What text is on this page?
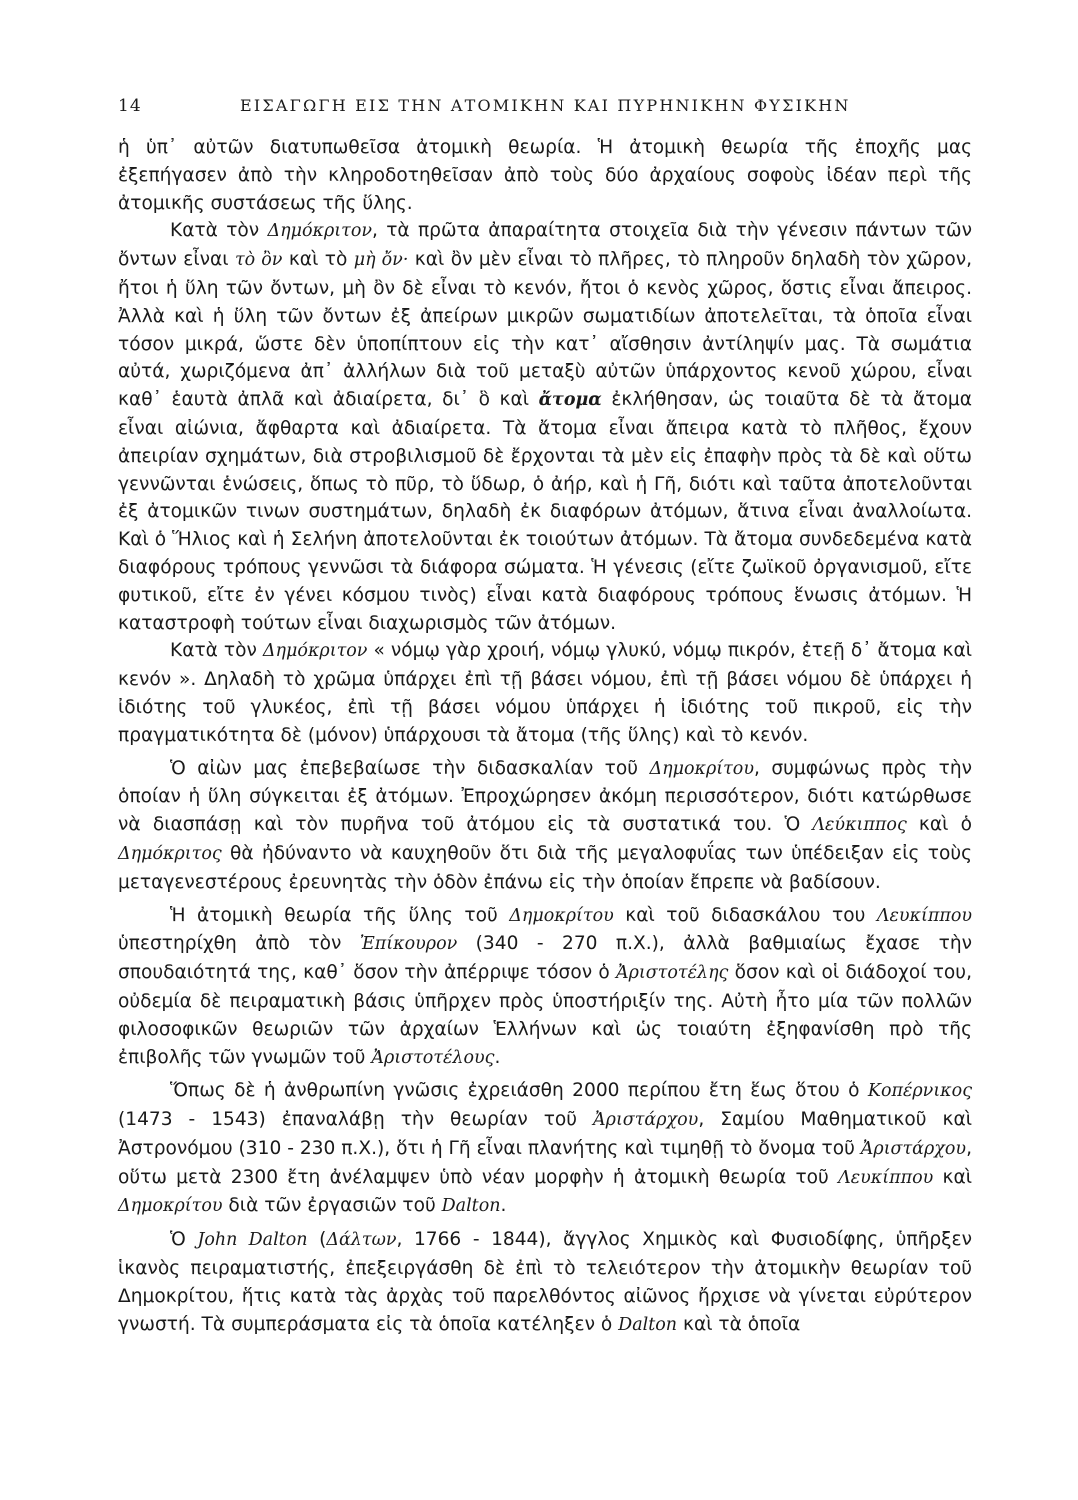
14	ΕΙΣΑΓΩΓΗ ΕΙΣ ΤΗΝ ΑΤΟΜΙΚΗΝ ΚΑΙ ΠΥΡΗΝΙΚΗΝ ΦΥΣΙΚΗΝ

ἡ ὑπ᾽ αὐτῶν διατυπωθεῖσα ἀτομικὴ θεωρία. Ἡ ἀτομικὴ θεωρία τῆς ἐποχῆς μας ἐξεπήγασεν ἀπὸ τὴν κληροδοτηθεῖσαν ἀπὸ τοὺς δύο ἀρχαίους σοφοὺς ἰδέαν περὶ τῆς ἀτομικῆς συστάσεως τῆς ὕλης.

Κατὰ τὸν Δημόκριτον, τὰ πρῶτα ἀπαραίτητα στοιχεῖα διὰ τὴν γένεσιν πάντων τῶν ὄντων εἶναι τὸ ὂν καὶ τὸ μὴ ὄν· καὶ ὂν μὲν εἶναι τὸ πλῆρες, τὸ πληροῦν δηλαδὴ τὸν χῶρον, ἤτοι ἡ ὕλη τῶν ὄντων, μὴ ὂν δὲ εἶναι τὸ κενόν, ἤτοι ὁ κενὸς χῶρος, ὅστις εἶναι ἄπειρος. Ἀλλὰ καὶ ἡ ὕλη τῶν ὄντων ἐξ ἀπείρων μικρῶν σωματιδίων ἀποτελεῖται, τὰ ὁποῖα εἶναι τόσον μικρά, ὥστε δὲν ὑποπίπτουν εἰς τὴν κατ᾽ αἴσθησιν ἀντίληψίν μας. Τὰ σωμάτια αὐτά, χωριζόμενα ἀπ᾽ ἀλλήλων διὰ τοῦ μεταξὺ αὐτῶν ὑπάρχοντος κενοῦ χώρου, εἶναι καθ᾽ ἑαυτὰ ἀπλᾶ καὶ ἀδιαίρετα, δι᾽ ὃ καὶ ἄτομα ἐκλήθησαν, ὡς τοιαῦτα δὲ τὰ ἄτομα εἶναι αἰώνια, ἄφθαρτα καὶ ἀδιαίρετα. Τὰ ἄτομα εἶναι ἄπειρα κατὰ τὸ πλῆθος, ἔχουν ἀπειρίαν σχημάτων, διὰ στροβιλισμοῦ δὲ ἔρχονται τὰ μὲν εἰς ἐπαφὴν πρὸς τὰ δὲ καὶ οὕτω γεννῶνται ἑνώσεις, ὅπως τὸ πῦρ, τὸ ὕδωρ, ὁ ἀήρ, καὶ ἡ Γῆ, διότι καὶ ταῦτα ἀποτελοῦνται ἐξ ἀτομικῶν τινων συστημάτων, δηλαδὴ ἐκ διαφόρων ἀτόμων, ἅτινα εἶναι ἀναλλοίωτα. Καὶ ὁ Ἥλιος καὶ ἡ Σελήνη ἀποτελοῦνται ἐκ τοιούτων ἀτόμων. Τὰ ἄτομα συνδεδεμένα κατὰ διαφόρους τρόπους γεννῶσι τὰ διάφορα σώματα. Ἡ γένεσις (εἴτε ζωϊκοῦ ὀργανισμοῦ, εἴτε φυτικοῦ, εἴτε ἐν γένει κόσμου τινὸς) εἶναι κατὰ διαφόρους τρόπους ἕνωσις ἀτόμων. Ἡ καταστροφὴ τούτων εἶναι διαχωρισμὸς τῶν ἀτόμων.

Κατὰ τὸν Δημόκριτον « νόμῳ γὰρ χροιή, νόμῳ γλυκύ, νόμῳ πικρόν, ἐτεῇ δ᾽ ἄτομα καὶ κενόν ». Δηλαδὴ τὸ χρῶμα ὑπάρχει ἐπὶ τῇ βάσει νόμου, ἐπὶ τῇ βάσει νόμου δὲ ὑπάρχει ἡ ἰδιότης τοῦ γλυκέος, ἐπὶ τῇ βάσει νόμου ὑπάρχει ἡ ἰδιότης τοῦ πικροῦ, εἰς τὴν πραγματικότητα δὲ (μόνον) ὑπάρχουσι τὰ ἄτομα (τῆς ὕλης) καὶ τὸ κενόν.

Ὁ αἰὼν μας ἐπεβεβαίωσε τὴν διδασκαλίαν τοῦ Δημοκρίτου, συμφώνως πρὸς τὴν ὁποίαν ἡ ὕλη σύγκειται ἐξ ἀτόμων. Ἐπροχώρησεν ἀκόμη περισσότερον, διότι κατώρθωσε νὰ διασπάσῃ καὶ τὸν πυρῆνα τοῦ ἀτόμου εἰς τὰ συστατικά του. Ὁ Λεύκιππος καὶ ὁ Δημόκριτος θὰ ἠδύναντο νὰ καυχηθοῦν ὅτι διὰ τῆς μεγαλοφυΐας των ὑπέδειξαν εἰς τοὺς μεταγενεστέρους ἐρευνητὰς τὴν ὁδὸν ἐπάνω εἰς τὴν ὁποίαν ἔπρεπε νὰ βαδίσουν.

Ἡ ἀτομικὴ θεωρία τῆς ὕλης τοῦ Δημοκρίτου καὶ τοῦ διδασκάλου του Λευκίππου ὑπεστηρίχθη ἀπὸ τὸν Ἐπίκουρον (340 - 270 π.Χ.), ἀλλὰ βαθμιαίως ἔχασε τὴν σπουδαιότητά της, καθ᾽ ὅσον τὴν ἀπέρριψε τόσον ὁ Ἀριστοτέλης ὅσον καὶ οἱ διάδοχοί του, οὐδεμία δὲ πειραματικὴ βάσις ὑπῆρχεν πρὸς ὑποστήριξίν της. Αὐτὴ ἦτο μία τῶν πολλῶν φιλοσοφικῶν θεωριῶν τῶν ἀρχαίων Ἑλλήνων καὶ ὡς τοιαύτη ἐξηφανίσθη πρὸ τῆς ἐπιβολῆς τῶν γνωμῶν τοῦ Ἀριστοτέλους.

Ὅπως δὲ ἡ ἀνθρωπίνη γνῶσις ἐχρειάσθη 2000 περίπου ἔτη ἕως ὅτου ὁ Κοπέρνικος (1473 - 1543) ἐπαναλάβῃ τὴν θεωρίαν τοῦ Ἀριστάρχου, Σαμίου Μαθηματικοῦ καὶ Ἀστρονόμου (310 - 230 π.Χ.), ὅτι ἡ Γῆ εἶναι πλανήτης καὶ τιμηθῇ τὸ ὄνομα τοῦ Ἀριστάρχου, οὕτω μετὰ 2300 ἔτη ἀνέλαμψεν ὑπὸ νέαν μορφὴν ἡ ἀτομικὴ θεωρία τοῦ Λευκίππου καὶ Δημοκρίτου διὰ τῶν ἐργασιῶν τοῦ Dalton.

Ὁ John Dalton (Δάλτων, 1766 - 1844), ἄγγλος Χημικὸς καὶ Φυσιοδίφης, ὑπῆρξεν ἱκανὸς πειραματιστής, ἐπεξειργάσθη δὲ ἐπὶ τὸ τελειότερον τὴν ἀτομικὴν θεωρίαν τοῦ Δημοκρίτου, ἥτις κατὰ τὰς ἀρχὰς τοῦ παρελθόντος αἰῶνος ἤρχισε νὰ γίνεται εὐρύτερον γνωστή. Τὰ συμπεράσματα εἰς τὰ ὁποῖα κατέληξεν ὁ Dalton καὶ τὰ ὁποῖα
